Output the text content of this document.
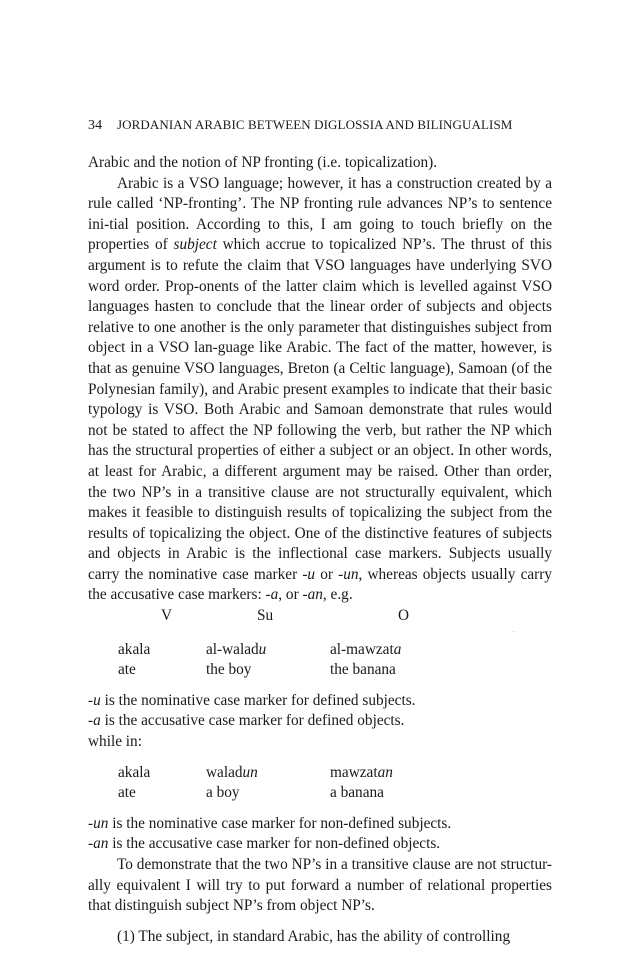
34 JORDANIAN ARABIC BETWEEN DIGLOSSIA AND BILINGUALISM

Arabic and the notion of NP fronting (i.e. topicalization).

Arabic is a VSO language; however, it has a construction created by a rule called ‘NP-fronting’. The NP fronting rule advances NP’s to sentence ini-tial position. According to this, I am going to touch briefly on the properties of subject which accrue to topicalized NP’s. The thrust of this argument is to refute the claim that VSO languages have underlying SVO word order. Prop-onents of the latter claim which is levelled against VSO languages hasten to conclude that the linear order of subjects and objects relative to one another is the only parameter that distinguishes subject from object in a VSO lan-guage like Arabic. The fact of the matter, however, is that as genuine VSO languages, Breton (a Celtic language), Samoan (of the Polynesian family), and Arabic present examples to indicate that their basic typology is VSO. Both Arabic and Samoan demonstrate that rules would not be stated to affect the NP following the verb, but rather the NP which has the structural properties of either a subject or an object. In other words, at least for Arabic, a different argument may be raised. Other than order, the two NP’s in a transitive clause are not structurally equivalent, which makes it feasible to distinguish results of topicalizing the subject from the results of topicalizing the object. One of the distinctive features of subjects and objects in Arabic is the inflectional case markers. Subjects usually carry the nominative case marker -u or -un, whereas objects usually carry the accusative case markers: -a, or -an, e.g.

V	Su	O
akala	al-waladu	al-mawzata
ate	the boy	the banana

-u is the nominative case marker for defined subjects.

-a is the accusative case marker for defined objects.

while in:

akala	waladun	mawzatan
ate	a boy	a banana

-un is the nominative case marker for non-defined subjects.

-an is the accusative case marker for non-defined objects.

To demonstrate that the two NP’s in a transitive clause are not structur-ally equivalent I will try to put forward a number of relational properties that distinguish subject NP’s from object NP’s.

(1) The subject, in standard Arabic, has the ability of controlling
